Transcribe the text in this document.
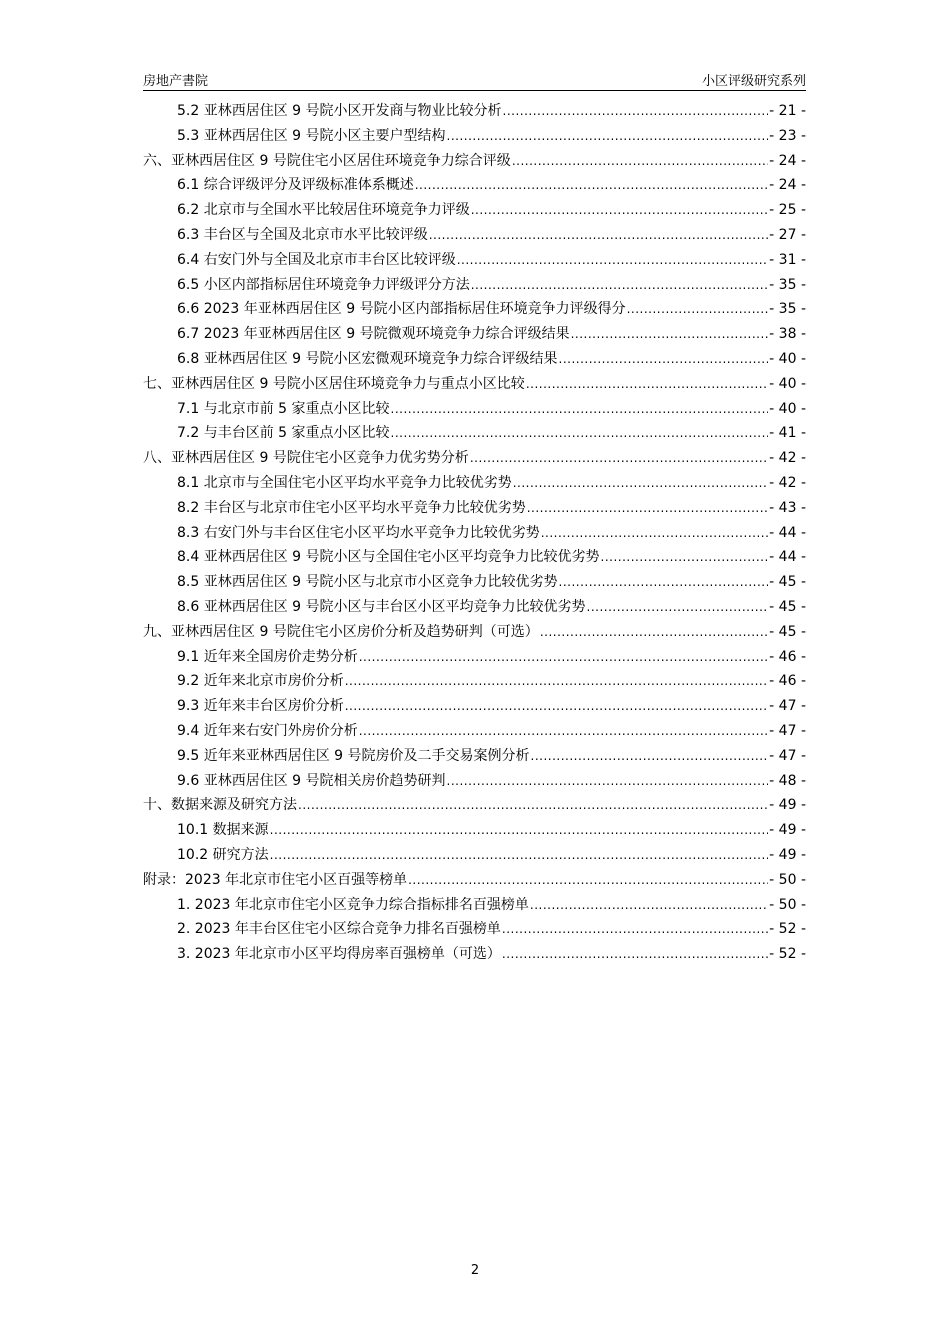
房地产書院	小区评级研究系列
5.2 亚林西居住区 9 号院小区开发商与物业比较分析 .....	- 21 -
5.3 亚林西居住区 9 号院小区主要户型结构 .....	- 23 -
六、亚林西居住区 9 号院住宅小区居住环境竞争力综合评级 .....	- 24 -
6.1 综合评级评分及评级标准体系概述 .....	- 24 -
6.2 北京市与全国水平比较居住环境竞争力评级 .....	- 25 -
6.3 丰台区与全国及北京市水平比较评级 .....	- 27 -
6.4 右安门外与全国及北京市丰台区比较评级 .....	- 31 -
6.5 小区内部指标居住环境竞争力评级评分方法 .....	- 35 -
6.6 2023 年亚林西居住区 9 号院小区内部指标居住环境竞争力评级得分 .....	- 35 -
6.7 2023 年亚林西居住区 9 号院微观环境竞争力综合评级结果 .....	- 38 -
6.8 亚林西居住区 9 号院小区宏微观环境竞争力综合评级结果 .....	- 40 -
七、亚林西居住区 9 号院小区居住环境竞争力与重点小区比较 .....	- 40 -
7.1 与北京市前 5 家重点小区比较 .....	- 40 -
7.2 与丰台区前 5 家重点小区比较 .....	- 41 -
八、亚林西居住区 9 号院住宅小区竞争力优劣势分析 .....	- 42 -
8.1 北京市与全国住宅小区平均水平竞争力比较优劣势 .....	- 42 -
8.2 丰台区与北京市住宅小区平均水平竞争力比较优劣势 .....	- 43 -
8.3 右安门外与丰台区住宅小区平均水平竞争力比较优劣势 .....	- 44 -
8.4 亚林西居住区 9 号院小区与全国住宅小区平均竞争力比较优劣势 .....	- 44 -
8.5 亚林西居住区 9 号院小区与北京市小区竞争力比较优劣势 .....	- 45 -
8.6 亚林西居住区 9 号院小区与丰台区小区平均竞争力比较优劣势 .....	- 45 -
九、亚林西居住区 9 号院住宅小区房价分析及趋势研判（可选） .....	- 45 -
9.1 近年来全国房价走势分析 .....	- 46 -
9.2 近年来北京市房价分析 .....	- 46 -
9.3 近年来丰台区房价分析 .....	- 47 -
9.4 近年来右安门外房价分析 .....	- 47 -
9.5 近年来亚林西居住区 9 号院房价及二手交易案例分析 .....	- 47 -
9.6 亚林西居住区 9 号院相关房价趋势研判 .....	- 48 -
十、数据来源及研究方法 .....	- 49 -
10.1 数据来源 .....	- 49 -
10.2 研究方法 .....	- 49 -
附录：2023 年北京市住宅小区百强等榜单 .....	- 50 -
1. 2023 年北京市住宅小区竞争力综合指标排名百强榜单 .....	- 50 -
2. 2023 年丰台区住宅小区综合竞争力排名百强榜单 .....	- 52 -
3. 2023 年北京市小区平均得房率百强榜单（可选） .....	- 52 -
2
